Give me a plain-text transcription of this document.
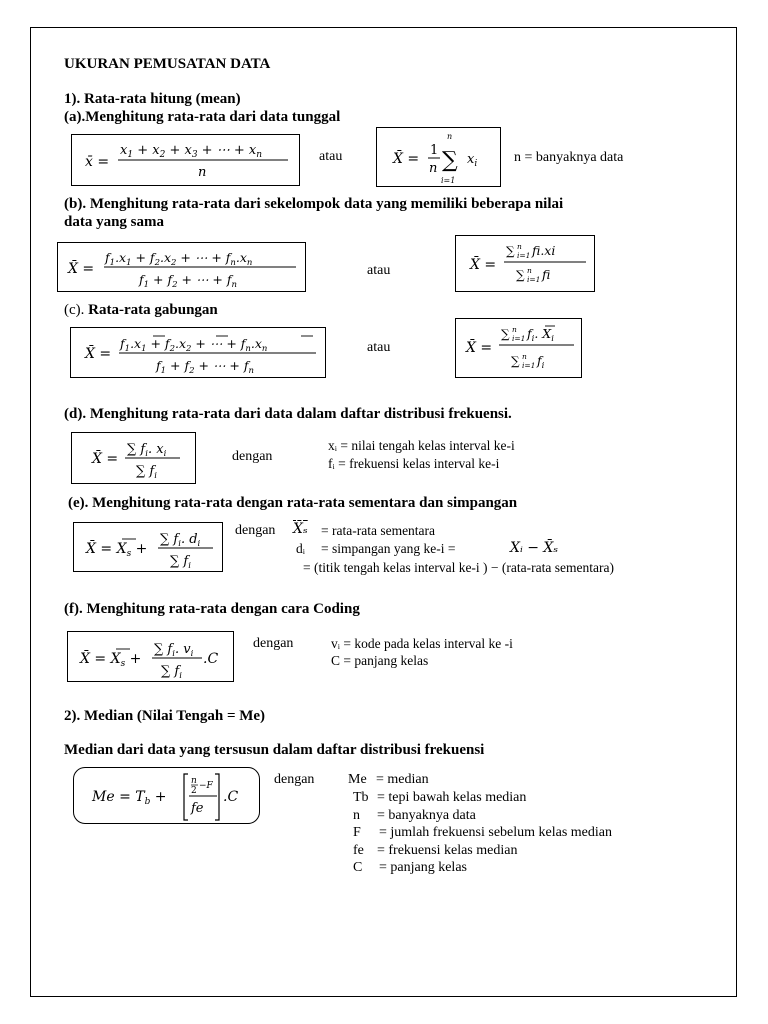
UKURAN PEMUSATAN DATA
1). Rata-rata hitung (mean)
(a).Menghitung rata-rata dari data tunggal
x̄ =
$x_1 + x_2 + x_3$ + ⋯ + $x_n$
n
atau	X̄ =
1
n
n
∑
i=1
$x_i$	n = banyaknya data
(b). Menghitung rata-rata dari sekelompok data yang memiliki beberapa nilai
data yang sama
X̄ =
$f_1.x_1 + f_2.x_2$ + ⋯ + $f_n.x_n$
$f_1 + f_2$ + ⋯ + $f_n$
atau	X̄ =
∑ n
i=1 fi.xi
∑ n
i=1 fi
(c). Rata-rata gabungan
X̄ =
$f_1.x_1 + f_2.x_2$ + ⋯ + $f_n.x_n$
$f_1 + f_2$ + ⋯ + $f_n$
atau	X̄ =
∑ n
i=1 $f_i$. $X_i$
∑ n
i=1 $f_i$
(d). Menghitung rata-rata dari data dalam daftar distribusi frekuensi.
X̄ =
∑ $f_i$. $x_i$
∑ $f_i$
dengan
xᵢ = nilai tengah kelas interval ke-i
fᵢ = frekuensi kelas interval ke-i
(e). Menghitung rata-rata dengan rata-rata sementara dan simpangan
X̄ = $X_s$ +
∑ $f_i$. $d_i$
∑ $f_i$
dengan X̄ₛ = rata-rata sementara
dᵢ = simpangan yang ke-i =	Xᵢ − X̄ₛ
= (titik tengah kelas interval ke-i ) − (rata-rata sementara)
(f). Menghitung rata-rata dengan cara Coding
X̄ = $X_s$ +
∑ $f_i$. $v_i$
∑ $f_i$
.C
dengan	vᵢ = kode pada kelas interval ke -i
C = panjang kelas
2). Median (Nilai Tengah = Me)
Median dari data yang tersusun dalam daftar distribusi frekuensi
$Me = T_b$ +
n
2 −F
fe
.C
dengan Me = median
Tb = tepi bawah kelas median
n = banyaknya data
F = jumlah frekuensi sebelum kelas median
fe = frekuensi kelas median
C = panjang kelas
